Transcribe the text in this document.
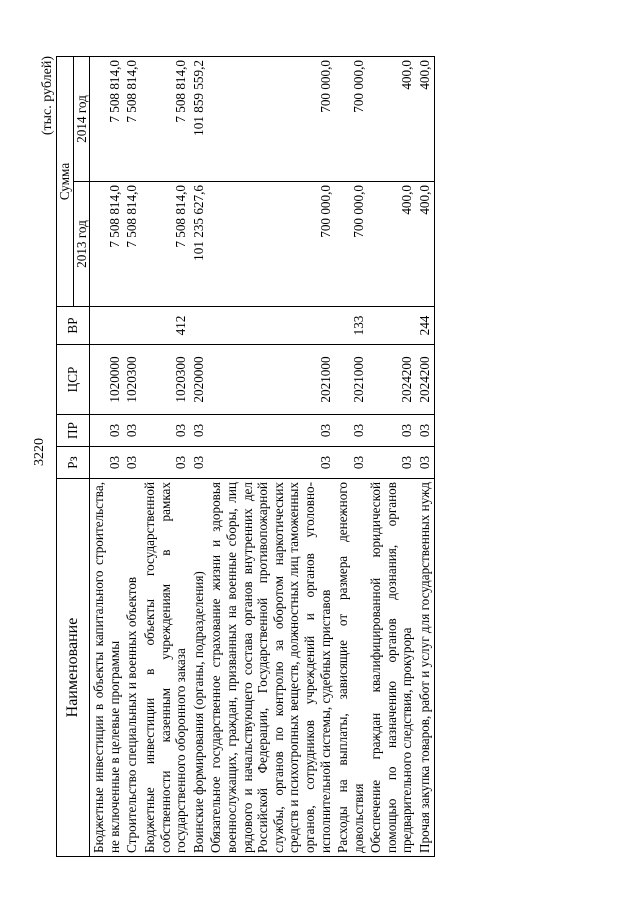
3220
(тыс. рублей)
Наименование	Рз	ПР	ЦСР	ВР	Сумма	
					2013 год	2014 год
Бюджетные инвестиции в объекты капитального строительства, не включенные в целевые программы	03	03	1020000		7 508 814,0	7 508 814,0
Строительство специальных и военных объектов	03	03	1020300		7 508 814,0	7 508 814,0
Бюджетные инвестиции в объекты государственной собственности казенным учреждениям в рамках государственного оборонного заказа	03	03	1020300	412	7 508 814,0	7 508 814,0
Воинские формирования (органы, подразделения)	03	03	2020000		101 235 627,6	101 859 559,2
Обязательное государственное страхование жизни и здоровья военнослужащих, граждан, призванных на военные сборы, лиц рядового и начальствующего состава органов внутренних дел Российской Федерации, Государственной противопожарной службы, органов по контролю за оборотом наркотических средств и психотропных веществ, должностных лиц таможенных органов, сотрудников учреждений и органов уголовно-исполнительной системы, судебных приставов	03	03	2021000		700 000,0	700 000,0
Расходы на выплаты, зависящие от размера денежного довольствия	03	03	2021000	133	700 000,0	700 000,0
Обеспечение граждан квалифицированной юридической помощью по назначению органов дознания, органов предварительного следствия, прокурора	03	03	2024200		400,0	400,0
Прочая закупка товаров, работ и услуг для государственных нужд	03	03	2024200	244	400,0	400,0
